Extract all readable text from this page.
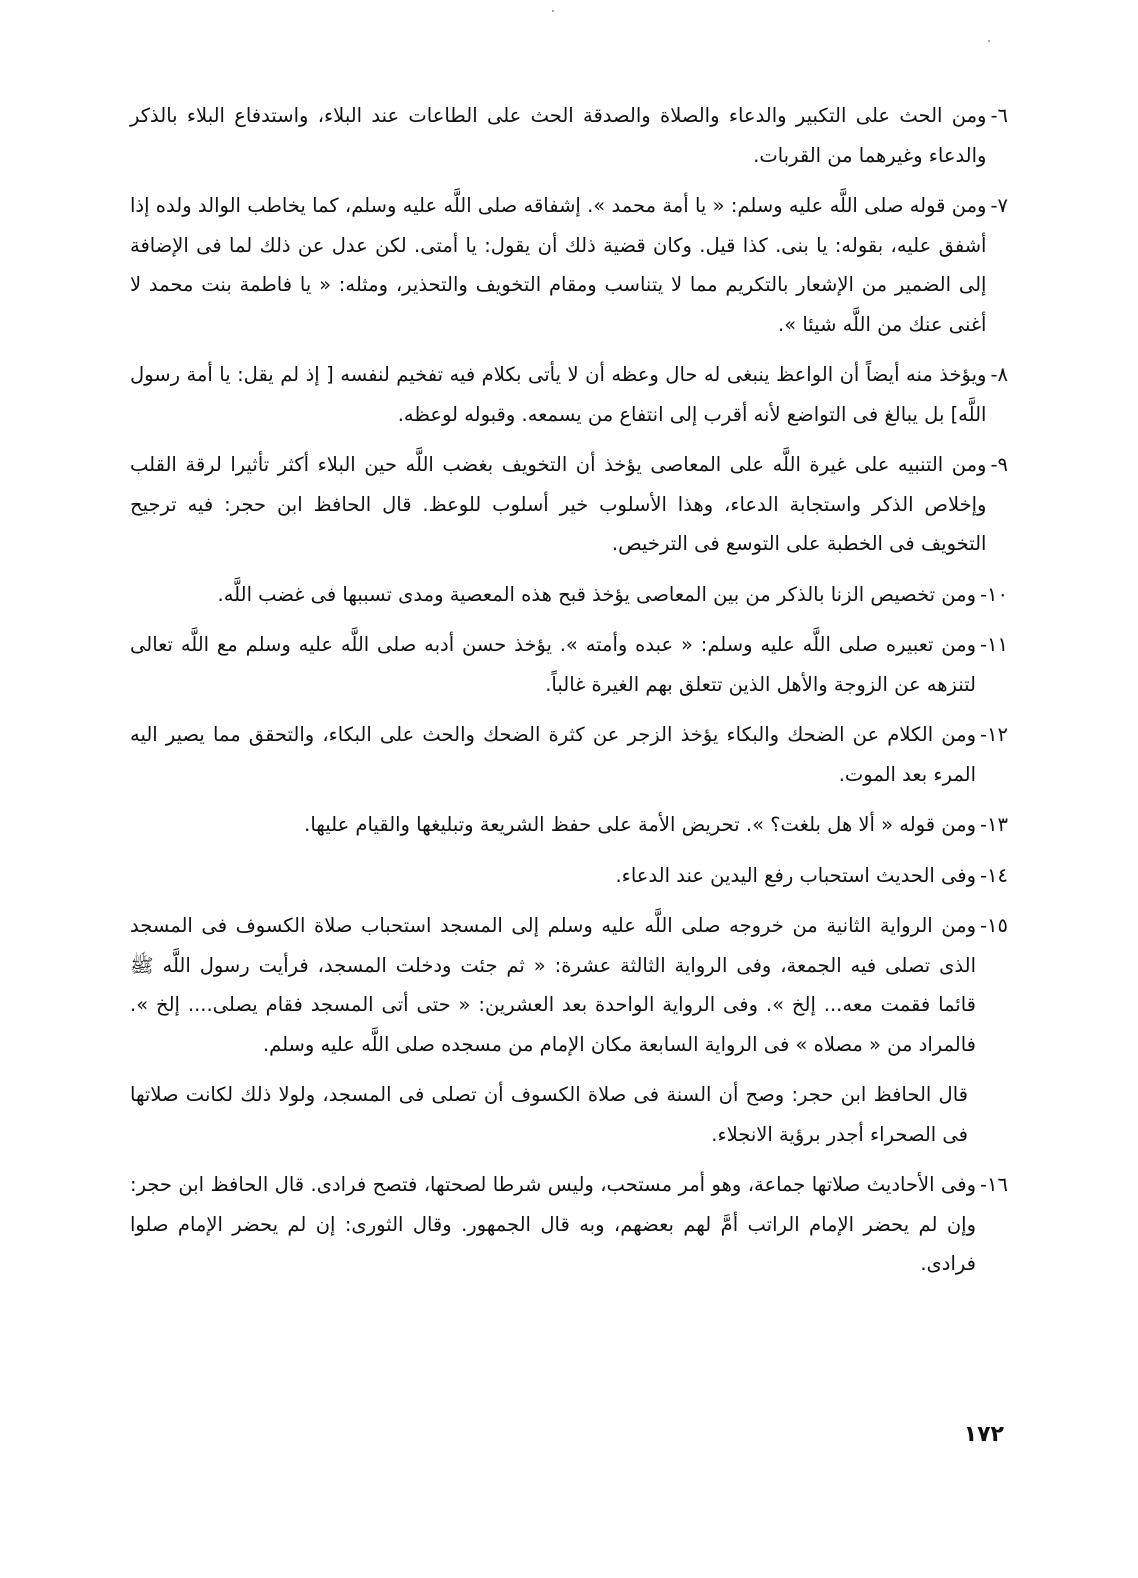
٦-
ومن الحث على التكبير والدعاء والصلاة والصدقة الحث على الطاعات عند البلاء، واستدفاع البلاء بالذكر والدعاء وغيرهما من القربات.
٧-
ومن قوله صلى اللَّه عليه وسلم: « يا أمة محمد ». إشفاقه صلى اللَّه عليه وسلم، كما يخاطب الوالد ولده إذا أشفق عليه، بقوله: يا بنى. كذا قيل. وكان قضية ذلك أن يقول: يا أمتى. لكن عدل عن ذلك لما فى الإضافة إلى الضمير من الإشعار بالتكريم مما لا يتناسب ومقام التخويف والتحذير، ومثله: « يا فاطمة بنت محمد لا أغنى عنك من اللَّه شيئا ».
٨-
ويؤخذ منه أيضاً أن الواعظ ينبغى له حال وعظه أن لا يأتى بكلام فيه تفخيم لنفسه [ إذ لم يقل: يا أمة رسول اللَّه] بل يبالغ فى التواضع لأنه أقرب إلى انتفاع من يسمعه. وقبوله لوعظه.
٩-
ومن التنبيه على غيرة اللَّه على المعاصى يؤخذ أن التخويف بغضب اللَّه حين البلاء أكثر تأثيرا لرقة القلب وإخلاص الذكر واستجابة الدعاء، وهذا الأسلوب خير أسلوب للوعظ. قال الحافظ ابن حجر: فيه ترجيح التخويف فى الخطبة على التوسع فى الترخيص.
١٠-
ومن تخصيص الزنا بالذكر من بين المعاصى يؤخذ قبح هذه المعصية ومدى تسببها فى غضب اللَّه.
١١-
ومن تعبيره صلى اللَّه عليه وسلم: « عبده وأمته ». يؤخذ حسن أدبه صلى اللَّه عليه وسلم مع اللَّه تعالى لتنزهه عن الزوجة والأهل الذين تتعلق بهم الغيرة غالباً.
١٢-
ومن الكلام عن الضحك والبكاء يؤخذ الزجر عن كثرة الضحك والحث على البكاء، والتحقق مما يصير اليه المرء بعد الموت.
١٣-
ومن قوله « ألا هل بلغت؟ ». تحريض الأمة على حفظ الشريعة وتبليغها والقيام عليها.
١٤-
وفى الحديث استحباب رفع اليدين عند الدعاء.
١٥-
ومن الرواية الثانية من خروجه صلى اللَّه عليه وسلم إلى المسجد استحباب صلاة الكسوف فى المسجد الذى تصلى فيه الجمعة، وفى الرواية الثالثة عشرة: « ثم جئت ودخلت المسجد، فرأيت رسول اللَّه ﷺ قائما فقمت معه... إلخ ». وفى الرواية الواحدة بعد العشرين: « حتى أتى المسجد فقام يصلى.... إلخ ». فالمراد من « مصلاه » فى الرواية السابعة مكان الإمام من مسجده صلى اللَّه عليه وسلم.
قال الحافظ ابن حجر: وصح أن السنة فى صلاة الكسوف أن تصلى فى المسجد، ولولا ذلك لكانت صلاتها فى الصحراء أجدر برؤية الانجلاء.
١٦-
وفى الأحاديث صلاتها جماعة، وهو أمر مستحب، وليس شرطا لصحتها، فتصح فرادى. قال الحافظ ابن حجر: وإن لم يحضر الإمام الراتب أمَّ لهم بعضهم، وبه قال الجمهور. وقال الثورى: إن لم يحضر الإمام صلوا فرادى.
١٧٢
